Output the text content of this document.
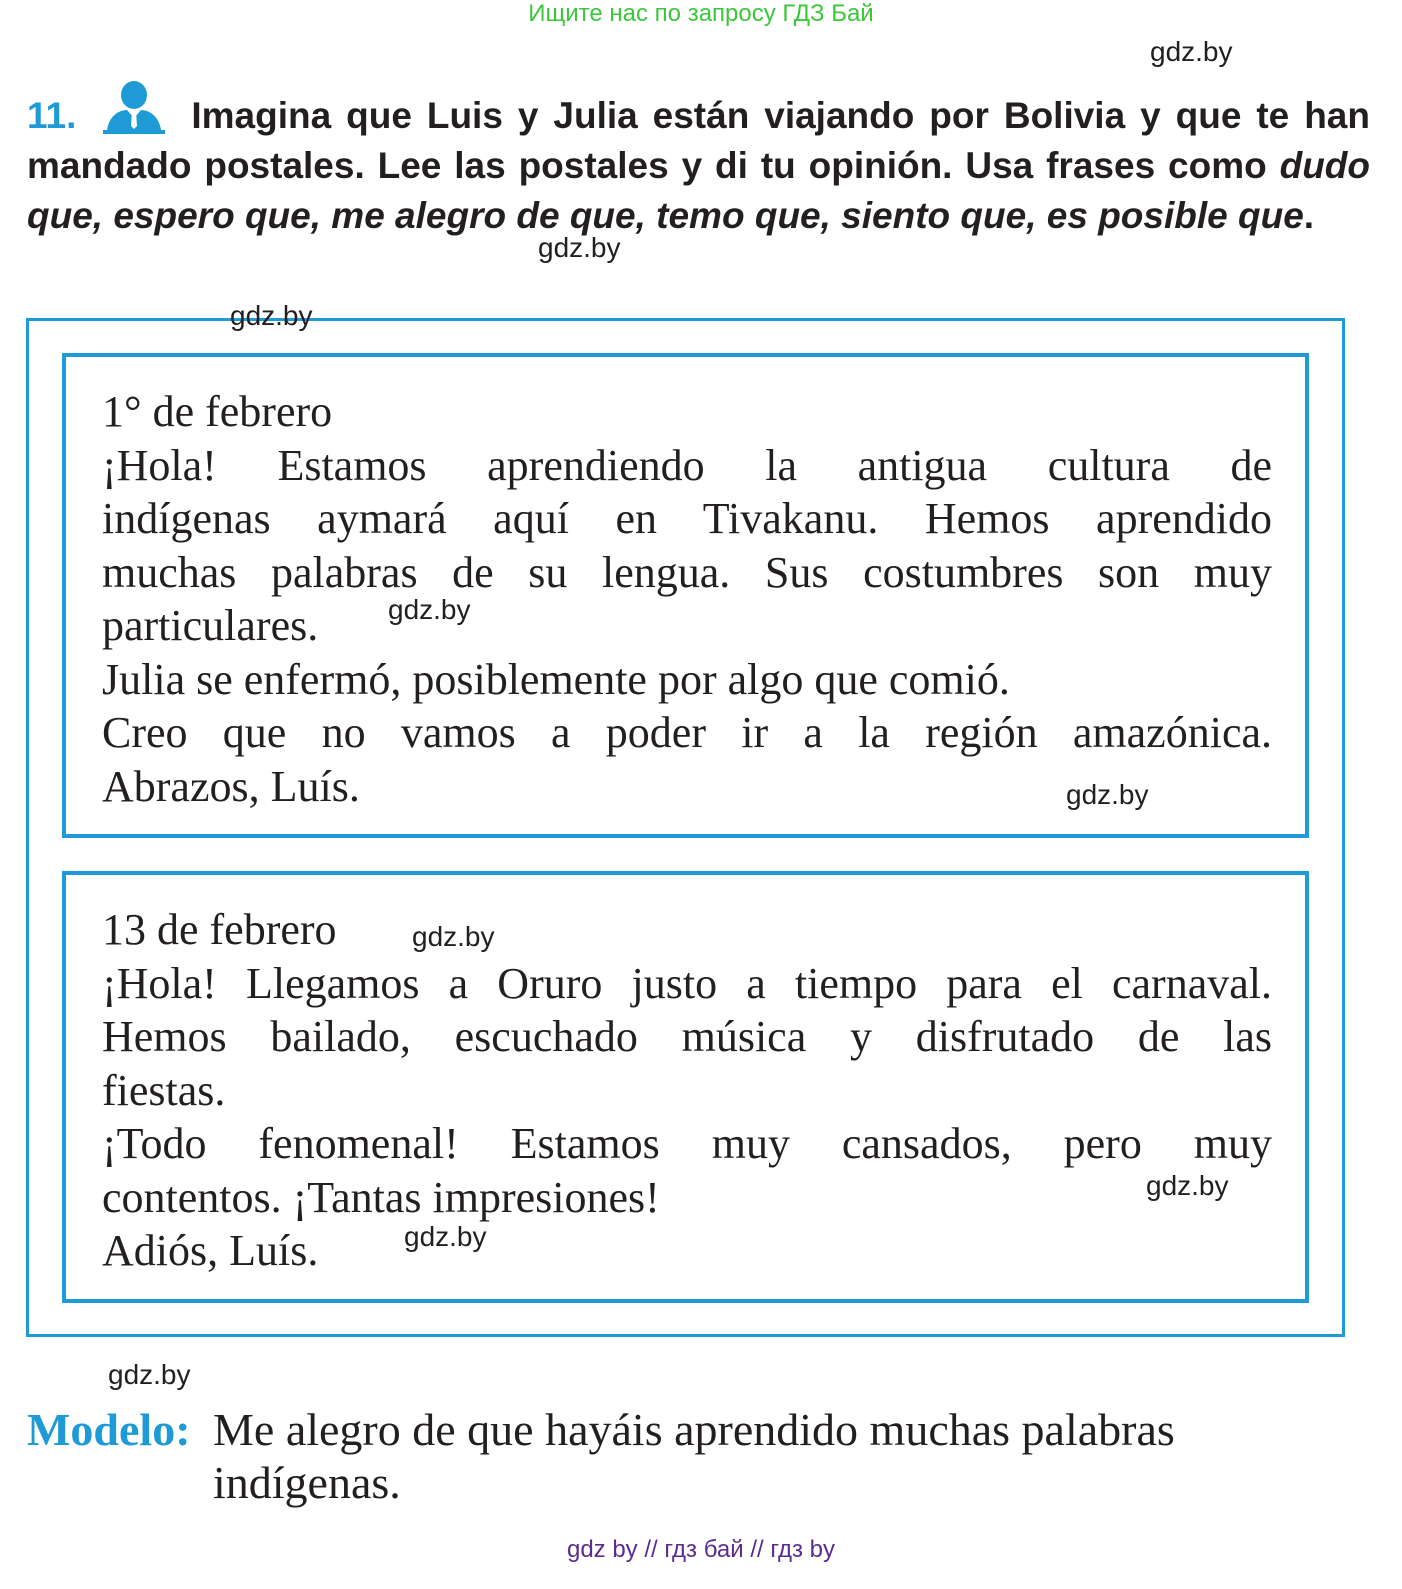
Ищите нас по запросу ГДЗ Бай
gdz.by
11.	Imagina que Luis y Julia están viajando por Bolivia y que te han mandado postales. Lee las postales y di tu opinión. Usa frases como dudo que, espero que, me alegro de que, temo que, siento que, es posible que.
gdz.by
gdz.by
1° de febrero
¡Hola! Estamos aprendiendo la antigua cultura de
indígenas aymará aquí en Tivakanu. Hemos aprendido
muchas palabras de su lengua. Sus costumbres son muy
particulares.
Julia se enfermó, posiblemente por algo que comió.
Creo que no vamos a poder ir a la región amazónica.
Abrazos, Luís.
gdz.by
gdz.by
13 de febrero
¡Hola! Llegamos a Oruro justo a tiempo para el carnaval.
Hemos bailado, escuchado música y disfrutado de las
fiestas.
¡Todo fenomenal! Estamos muy cansados, pero muy
contentos. ¡Tantas impresiones!
Adiós, Luís.
gdz.by
gdz.by
gdz.by
gdz.by
Modelo: Me alegro de que hayáis aprendido muchas palabras indígenas.
gdz by // гдз бай // гдз by
